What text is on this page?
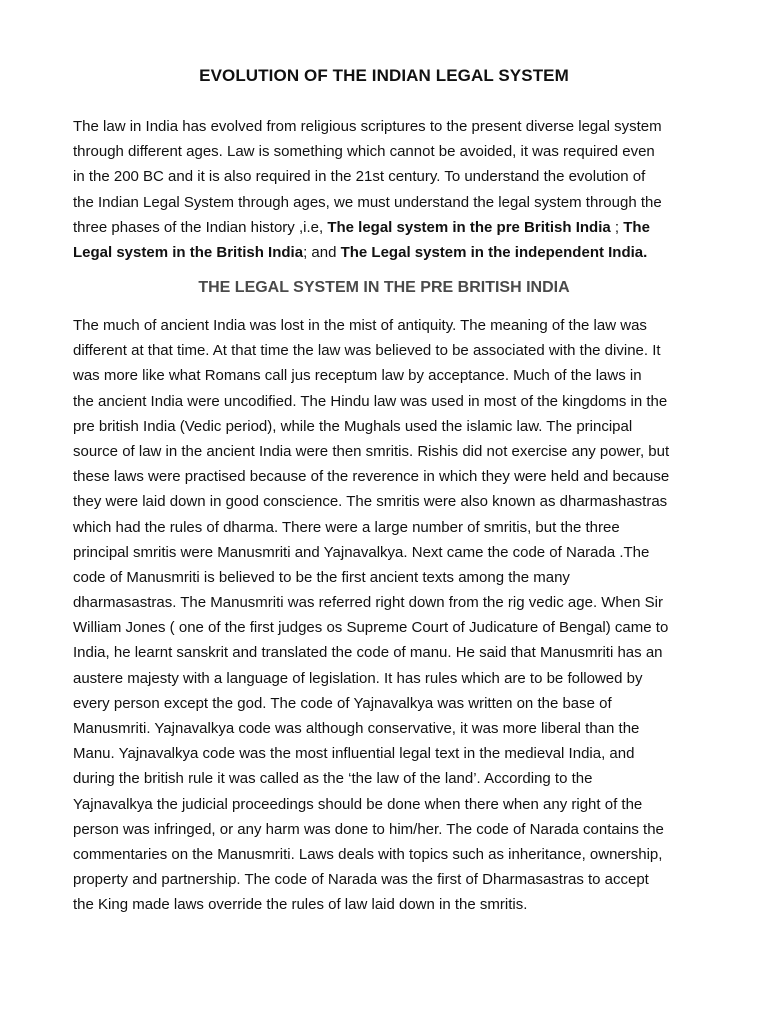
EVOLUTION OF THE INDIAN LEGAL SYSTEM
The law in India has evolved from religious scriptures to the present diverse legal system
through different ages. Law is something which cannot be avoided, it was required even
in the 200 BC and it is also required in the 21st century. To understand the evolution of
the Indian Legal System through ages, we must understand the legal system through the
three phases of the Indian history ,i.e, The legal system in the pre British India ; The
Legal system in the British India; and The Legal system in the independent India.
THE LEGAL SYSTEM IN THE PRE BRITISH INDIA
The much of ancient India was lost in the mist of antiquity. The meaning of the law was
different at that time. At that time the law was believed to be associated with the divine. It
was more like what Romans call jus receptum law by acceptance. Much of the laws in
the ancient India were uncodified. The Hindu law was used in most of the kingdoms in the
pre british India (Vedic period), while the Mughals used the islamic law. The principal
source of law in the ancient India were then smritis. Rishis did not exercise any power, but
these laws were practised because of the reverence in which they were held and because
they were laid down in good conscience. The smritis were also known as dharmashastras
which had the rules of dharma. There were a large number of smritis, but the three
principal smritis were Manusmriti and Yajnavalkya. Next came the code of Narada .The
code of Manusmriti is believed to be the first ancient texts among the many
dharmasastras. The Manusmriti was referred right down from the rig vedic age. When Sir
William Jones ( one of the first judges os Supreme Court of Judicature of Bengal) came to
India, he learnt sanskrit and translated the code of manu. He said that Manusmriti has an
austere majesty with a language of legislation. It has rules which are to be followed by
every person except the god. The code of Yajnavalkya was written on the base of
Manusmriti. Yajnavalkya code was although conservative, it was more liberal than the
Manu. Yajnavalkya code was the most influential legal text in the medieval India, and
during the british rule it was called as the ‘the law of the land’. According to the
Yajnavalkya the judicial proceedings should be done when there when any right of the
person was infringed, or any harm was done to him/her. The code of Narada contains the
commentaries on the Manusmriti. Laws deals with topics such as inheritance, ownership,
property and partnership. The code of Narada was the first of Dharmasastras to accept
the King made laws override the rules of law laid down in the smritis.
